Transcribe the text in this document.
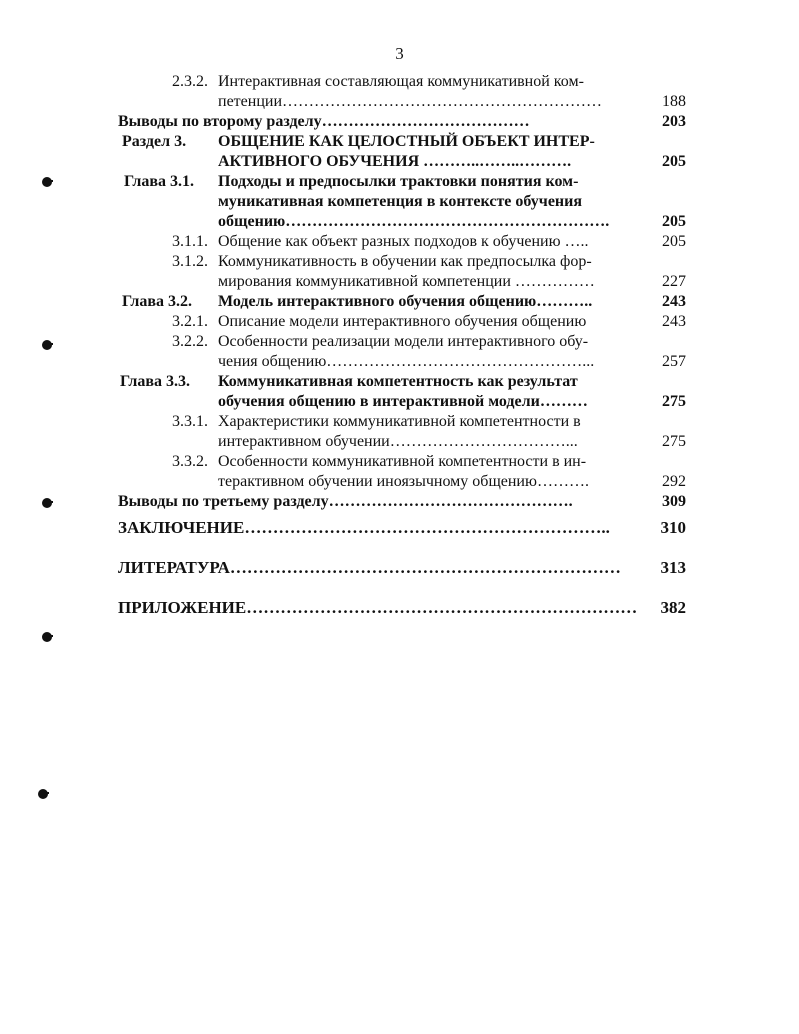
3
2.3.2. Интерактивная составляющая коммуникативной ком-
петенции……………………………………………………	188
Выводы по второму разделу…………………………………	203
Раздел 3. ОБЩЕНИЕ КАК ЦЕЛОСТНЫЙ ОБЪЕКТ ИНТЕР-
АКТИВНОГО ОБУЧЕНИЯ ………..……..……….	205
Глава 3.1. Подходы и предпосылки трактовки понятия ком-
муникативная компетенция в контексте обучения
общению…………………………………………………….	205
3.1.1. Общение как объект разных подходов к обучению …..	205
3.1.2. Коммуникативность в обучении как предпосылка фор-
мирования коммуникативной компетенции ……………	227
Глава 3.2. Модель интерактивного обучения общению………..	243
3.2.1. Описание модели интерактивного обучения общению	243
3.2.2. Особенности реализации модели интерактивного обу-
чения общению…………………………………………...	257
Глава 3.3. Коммуникативная компетентность как результат
обучения общению в интерактивной модели………	275
3.3.1. Характеристики коммуникативной компетентности в
интерактивном обучении……………………………...	275
3.3.2. Особенности коммуникативной компетентности в ин-
терактивном обучении иноязычному общению……….	292
Выводы по третьему разделу……………………………………….	309
ЗАКЛЮЧЕНИЕ………………………………………………………..	310
ЛИТЕРАТУРА……………………………………………………………	313
ПРИЛОЖЕНИЕ…………………………………………………………… 382
